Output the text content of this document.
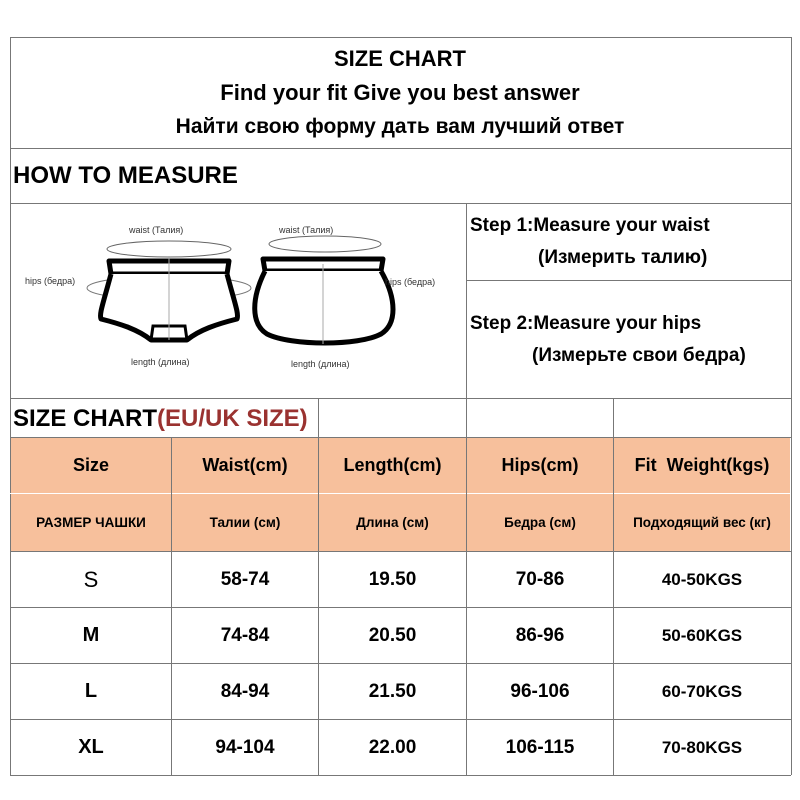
SIZE CHART
Find your fit Give you best answer
Найти свою форму дать вам лучший ответ
HOW TO MEASURE
waist (Талия)
hips (бедра)
length (длина)
waist (Талия)
hips (бедра)
length (длина)
Step 1:Measure your waist
(Измерить талию)
Step 2:Measure your hips
(Измерьте свои бедра)
SIZE CHART(EU/UK SIZE)
Size	Waist(cm)	Length(cm)	Hips(cm)	Fit  Weight(kgs)
РАЗМЕР ЧАШКИ	Талии (см)	Длина (см)	Бедра (см)	Подходящий вес (кг)
S	58-74	19.50	70-86	40-50KGS
M	74-84	20.50	86-96	50-60KGS
L	84-94	21.50	96-106	60-70KGS
XL	94-104	22.00	106-115	70-80KGS
